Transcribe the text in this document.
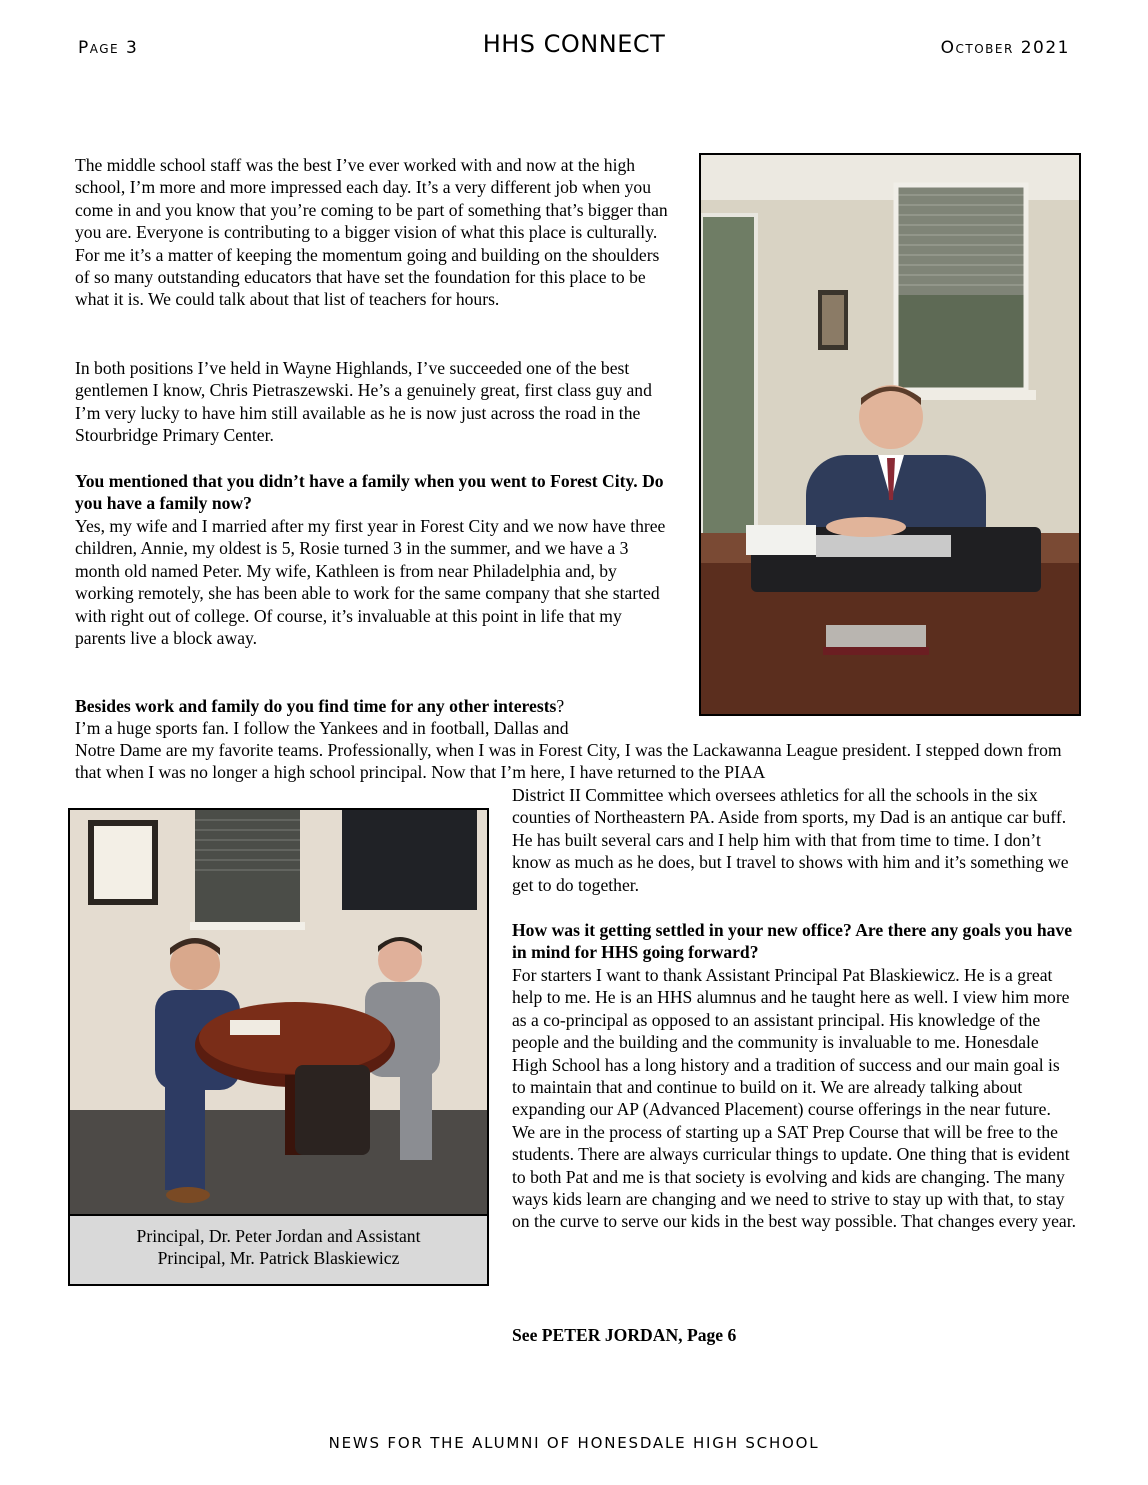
Page 3	HHS CONNECT	October 2021

The middle school staff was the best I’ve ever worked with and now at the high school, I’m more and more impressed each day. It’s a very different job when you come in and you know that you’re coming to be part of something that’s bigger than you are. Everyone is contributing to a bigger vision of what this place is culturally. For me it’s a matter of keeping the momentum going and building on the shoulders of so many outstanding educators that have set the foundation for this place to be what it is. We could talk about that list of teachers for hours.

In both positions I’ve held in Wayne Highlands, I’ve succeeded one of the best gentlemen I know, Chris Pietraszewski. He’s a genuinely great, first class guy and I’m very lucky to have him still available as he is now just across the road in the Stourbridge Primary Center.

You mentioned that you didn’t have a family when you went to Forest City. Do you have a family now?

Yes, my wife and I married after my first year in Forest City and we now have three children, Annie, my oldest is 5, Rosie turned 3 in the summer, and we have a 3 month old named Peter. My wife, Kathleen is from near Philadelphia and, by working remotely, she has been able to work for the same company that she started with right out of college. Of course, it’s invaluable at this point in life that my parents live a block away.

Besides work and family do you find time for any other interests?

I’m a huge sports fan. I follow the Yankees and in football, Dallas and

Notre Dame are my favorite teams. Professionally, when I was in Forest City, I was the Lackawanna League president. I stepped down from that when I was no longer a high school principal. Now that I’m here, I have returned to the PIAA

District II Committee which oversees athletics for all the schools in the six counties of Northeastern PA. Aside from sports, my Dad is an antique car buff. He has built several cars and I help him with that from time to time. I don’t know as much as he does, but I travel to shows with him and it’s something we get to do together.

How was it getting settled in your new office? Are there any goals you have in mind for HHS going forward?

For starters I want to thank Assistant Principal Pat Blaskiewicz. He is a great help to me. He is an HHS alumnus and he taught here as well. I view him more as a co-principal as opposed to an assistant principal. His knowledge of the people and the building and the community is invaluable to me. Honesdale High School has a long history and a tradition of success and our main goal is to maintain that and continue to build on it. We are already talking about expanding our AP (Advanced Placement) course offerings in the near future. We are in the process of starting up a SAT Prep Course that will be free to the students. There are always curricular things to update. One thing that is evident to both Pat and me is that society is evolving and kids are changing. The many ways kids learn are changing and we need to strive to stay up with that, to stay on the curve to serve our kids in the best way possible. That changes every year.

See PETER JORDAN, Page 6

Principal, Dr. Peter Jordan and Assistant
Principal, Mr. Patrick Blaskiewicz
NEWS FOR THE ALUMNI OF HONESDALE HIGH SCHOOL
